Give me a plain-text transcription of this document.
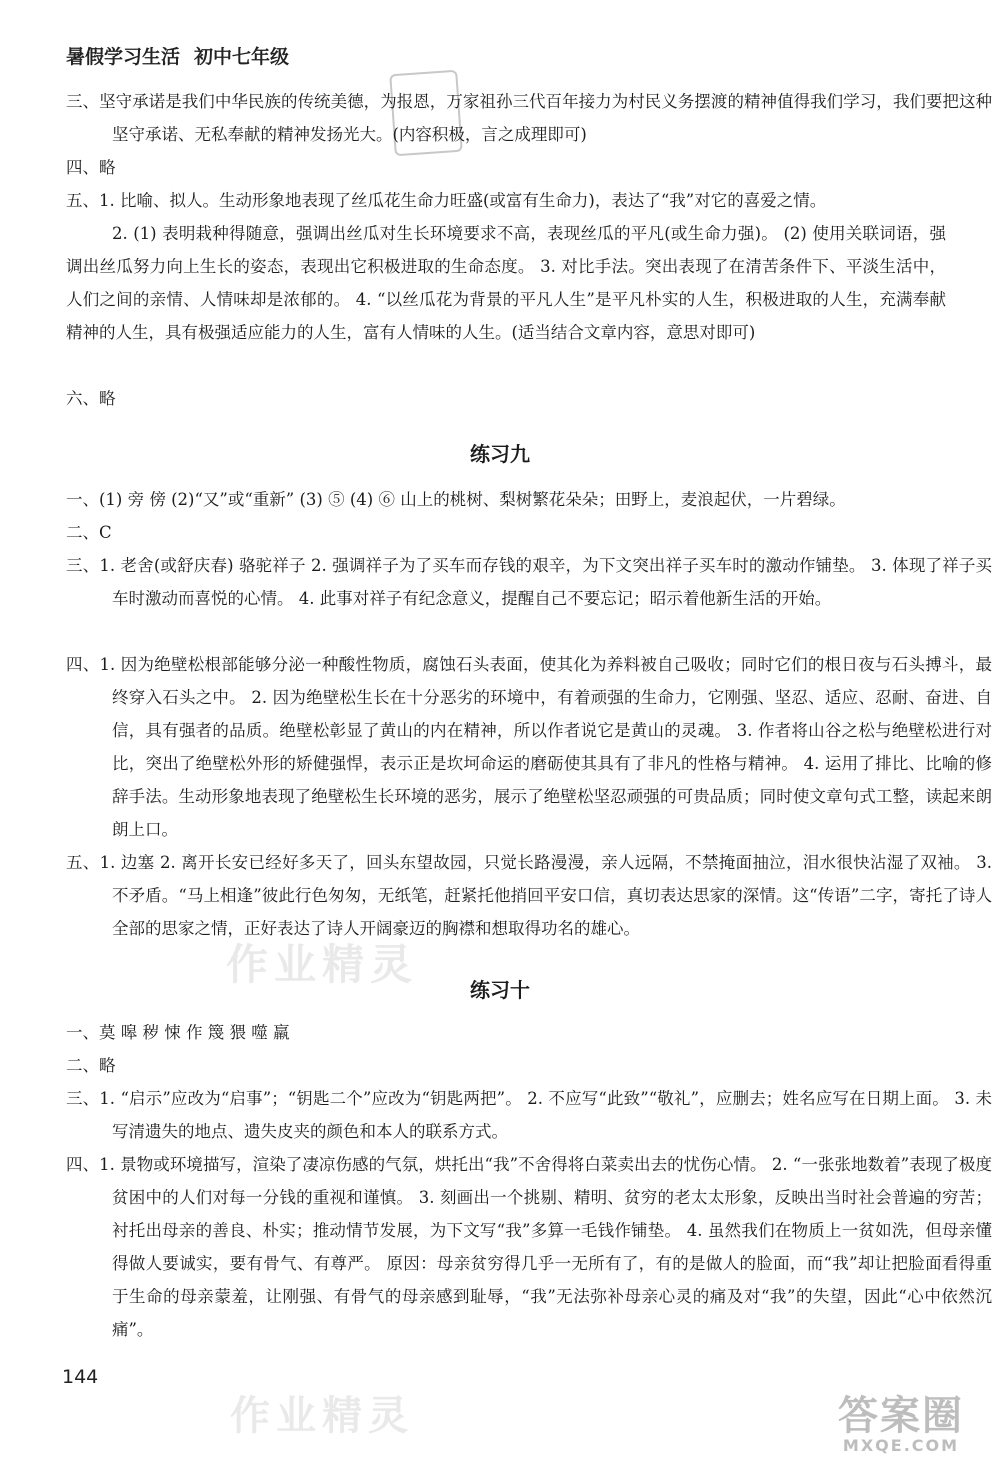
暑假学习生活 初中七年级
三、坚守承诺是我们中华民族的传统美德，为报恩，万家祖孙三代百年接力为村民义务摆渡的精神值得我们学习，我们要把这种坚守承诺、无私奉献的精神发扬光大。(内容积极，言之成理即可)
四、略
五、1. 比喻、拟人。生动形象地表现了丝瓜花生命力旺盛(或富有生命力)，表达了“我”对它的喜爱之情。
2. (1) 表明栽种得随意，强调出丝瓜对生长环境要求不高，表现丝瓜的平凡(或生命力强)。 (2) 使用关联词语，强调出丝瓜努力向上生长的姿态，表现出它积极进取的生命态度。 3. 对比手法。突出表现了在清苦条件下、平淡生活中，人们之间的亲情、人情味却是浓郁的。 4. “以丝瓜花为背景的平凡人生”是平凡朴实的人生，积极进取的人生，充满奉献精神的人生，具有极强适应能力的人生，富有人情味的人生。(适当结合文章内容，意思对即可)
六、略
练习九
一、(1) 旁 傍 (2)“又”或“重新” (3) ⑤ (4) ⑥ 山上的桃树、梨树繁花朵朵；田野上，麦浪起伏，一片碧绿。
二、C
三、1. 老舍(或舒庆春) 骆驼祥子 2. 强调祥子为了买车而存钱的艰辛，为下文突出祥子买车时的激动作铺垫。 3. 体现了祥子买车时激动而喜悦的心情。 4. 此事对祥子有纪念意义，提醒自己不要忘记；昭示着他新生活的开始。
四、1. 因为绝壁松根部能够分泌一种酸性物质，腐蚀石头表面，使其化为养料被自己吸收；同时它们的根日夜与石头搏斗，最终穿入石头之中。 2. 因为绝壁松生长在十分恶劣的环境中，有着顽强的生命力，它刚强、坚忍、适应、忍耐、奋进、自信，具有强者的品质。绝壁松彰显了黄山的内在精神，所以作者说它是黄山的灵魂。 3. 作者将山谷之松与绝壁松进行对比，突出了绝壁松外形的矫健强悍，表示正是坎坷命运的磨砺使其具有了非凡的性格与精神。 4. 运用了排比、比喻的修辞手法。生动形象地表现了绝壁松生长环境的恶劣，展示了绝壁松坚忍顽强的可贵品质；同时使文章句式工整，读起来朗朗上口。
五、1. 边塞 2. 离开长安已经好多天了，回头东望故园，只觉长路漫漫，亲人远隔，不禁掩面抽泣，泪水很快沾湿了双袖。 3. 不矛盾。“马上相逢”彼此行色匆匆，无纸笔，赶紧托他捎回平安口信，真切表达思家的深情。这“传语”二字，寄托了诗人全部的思家之情，正好表达了诗人开阔豪迈的胸襟和想取得功名的雄心。
作业精灵
练习十
一、莫 嗥 秽 悚 作 篾 猥 噬 羸
二、略
三、1. “启示”应改为“启事”；“钥匙二个”应改为“钥匙两把”。 2. 不应写“此致”“敬礼”，应删去；姓名应写在日期上面。 3. 未写清遗失的地点、遗失皮夹的颜色和本人的联系方式。
四、1. 景物或环境描写，渲染了凄凉伤感的气氛，烘托出“我”不舍得将白菜卖出去的忧伤心情。 2. “一张张地数着”表现了极度贫困中的人们对每一分钱的重视和谨慎。 3. 刻画出一个挑剔、精明、贫穷的老太太形象，反映出当时社会普遍的穷苦；衬托出母亲的善良、朴实；推动情节发展，为下文写“我”多算一毛钱作铺垫。 4. 虽然我们在物质上一贫如洗，但母亲懂得做人要诚实，要有骨气、有尊严。 原因：母亲贫穷得几乎一无所有了，有的是做人的脸面，而“我”却让把脸面看得重于生命的母亲蒙羞，让刚强、有骨气的母亲感到耻辱，“我”无法弥补母亲心灵的痛及对“我”的失望，因此“心中依然沉痛”。
144
作业精灵	答案圈
MXQE.COM
